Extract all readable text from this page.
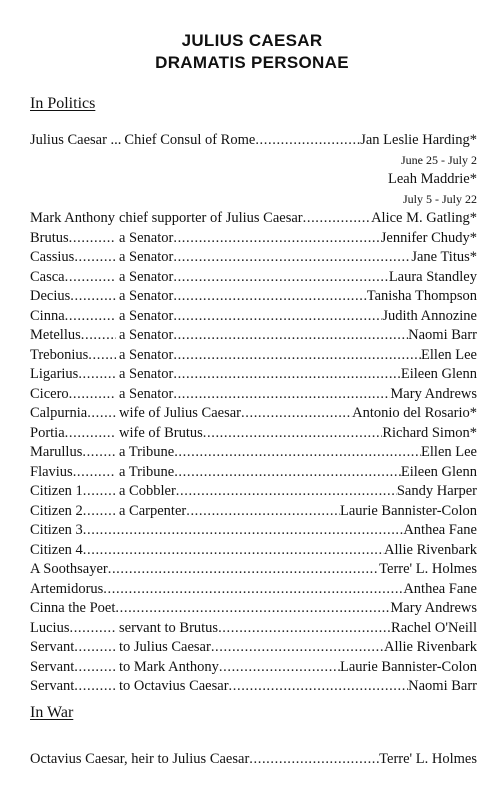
JULIUS CAESAR
DRAMATIS PERSONAE
In Politics
Julius Caesar ... Chief Consul of Rome .....	Jan Leslie Harding*
June 25 - July 2
Leah Maddrie*
July 5 - July 22
Mark Anthony ..... chief supporter of Julius Caesar .....	Alice M. Gatling*
Brutus .....	a Senator .....	Jennifer Chudy*
Cassius .....	a Senator .....	Jane Titus*
Casca .....	a Senator .....	Laura Standley
Decius .....	a Senator .....	Tanisha Thompson
Cinna .....	a Senator .....	Judith Annozine
Metellus .....	a Senator .....	Naomi Barr
Trebonius ..... a Senator .....	Ellen Lee
Ligarius .....	a Senator .....	Eileen Glenn
Cicero .....	a Senator .....	Mary Andrews
Calpurnia ..... wife of Julius Caesar .....	Antonio del Rosario*
Portia .....	wife of Brutus .....	Richard Simon*
Marullus .....	a Tribune .....	Ellen Lee
Flavius .....	a Tribune .....	Eileen Glenn
Citizen 1 ..... a Cobbler .....	Sandy Harper
Citizen 2 ..... a Carpenter .....	Laurie Bannister-Colon
Citizen 3 .....	Anthea Fane
Citizen 4 .....	Allie Rivenbark
A Soothsayer .....	Terre' L. Holmes
Artemidorus .....	Anthea Fane
Cinna the Poet .....	Mary Andrews
Lucius .....	servant to Brutus .....	Rachel O'Neill
Servant .....	to Julius Caesar .....	Allie Rivenbark
Servant .....	to Mark Anthony .....	Laurie Bannister-Colon
Servant .....	to Octavius Caesar .....	Naomi Barr
In War
Octavius Caesar, heir to Julius Caesar .....	Terre' L. Holmes
